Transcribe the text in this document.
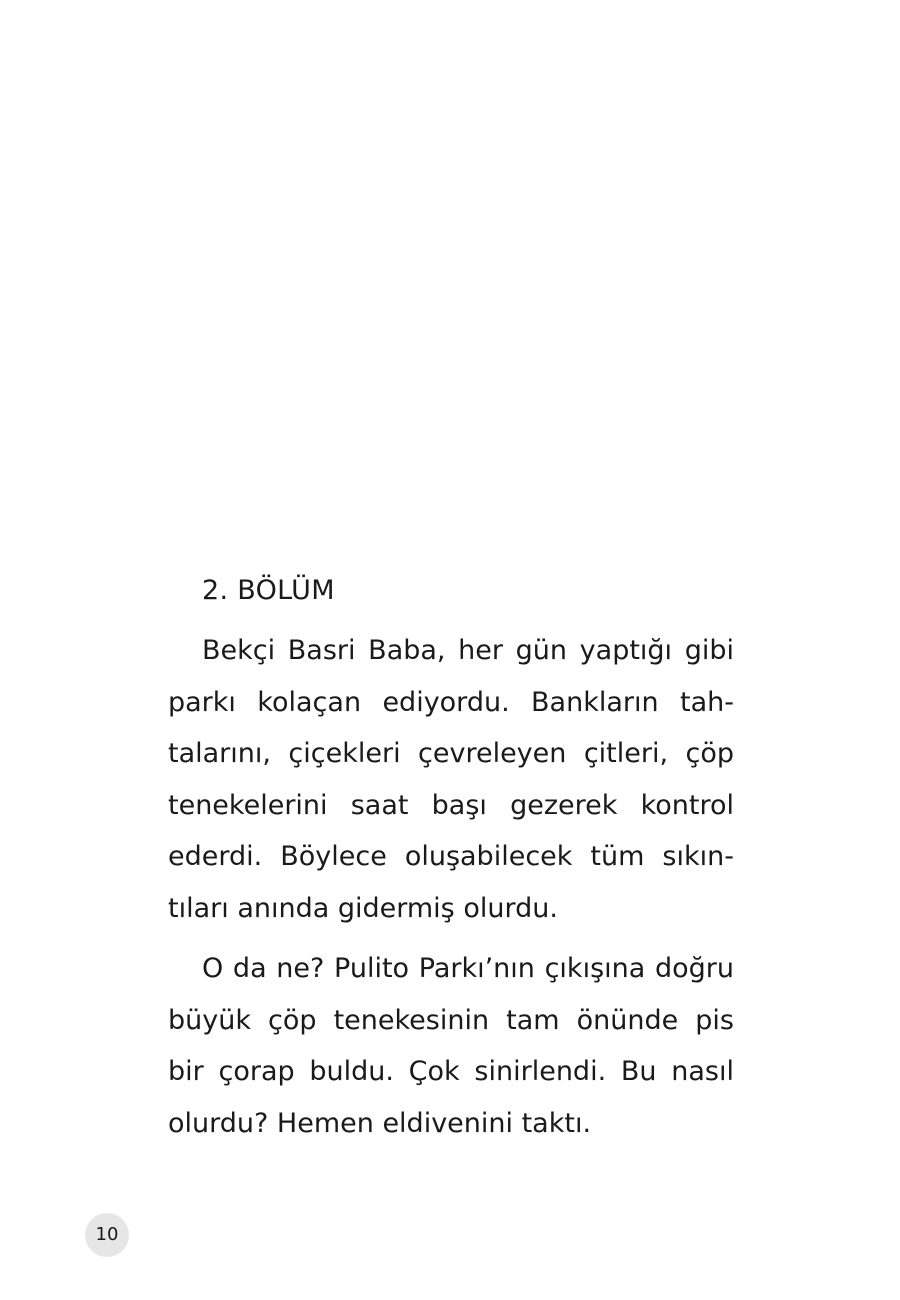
2. BÖLÜM

Bekçi Basri Baba, her gün yaptığı gibi parkı kolaçan ediyordu. Bankların tahtalarını, çiçekleri çevreleyen çitleri, çöp tenekelerini saat başı gezerek kontrol ederdi. Böylece oluşabilecek tüm sıkıntıları anında gidermiş olurdu.

O da ne? Pulito Parkı’nın çıkışına doğru büyük çöp tenekesinin tam önünde pis bir çorap buldu. Çok sinirlendi. Bu nasıl olurdu? Hemen eldivenini taktı.

10
